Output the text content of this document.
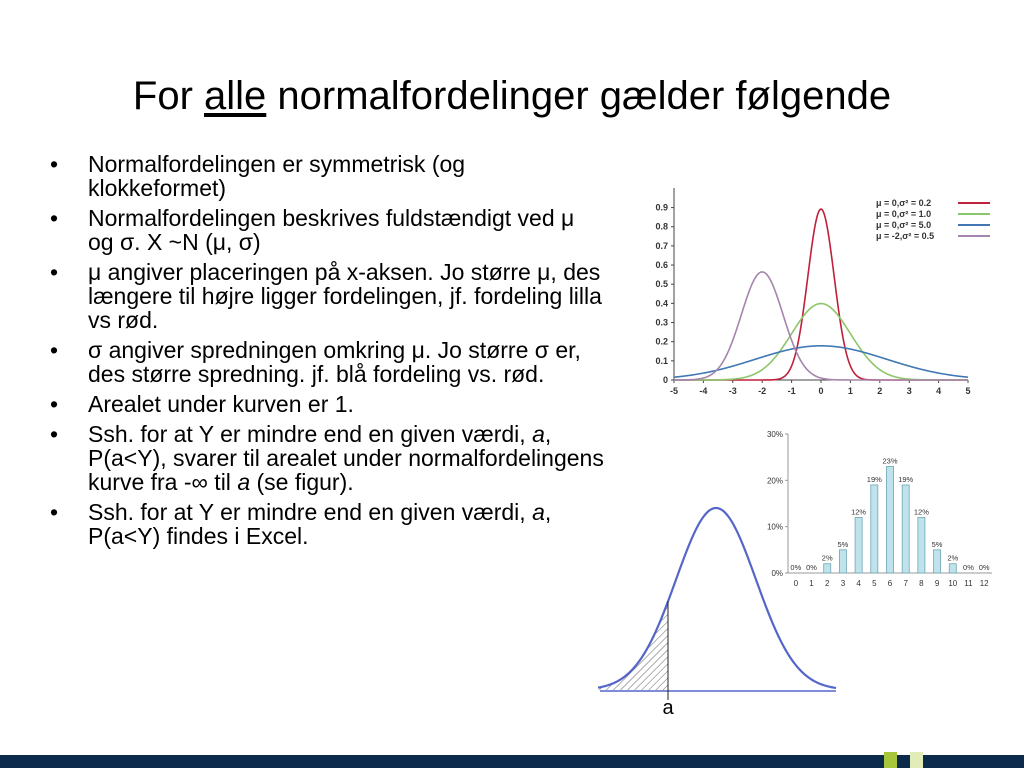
For alle normalfordelinger gælder følgende
• Normalfordelingen er symmetrisk (og klokkeformet)
• Normalfordelingen beskrives fuldstændigt ved μ og σ. X ~N (μ, σ)
• μ angiver placeringen på x-aksen. Jo større μ, des længere til højre ligger fordelingen, jf. fordeling lilla vs rød.
• σ angiver spredningen omkring μ. Jo større σ er, des større spredning. jf. blå fordeling vs. rød.
• Arealet under kurven er 1.
• Ssh. for at Y er mindre end en given værdi, a, P(a<Y), svarer til arealet under normalfordelingens kurve fra -∞ til a (se figur).
• Ssh. for at Y er mindre end en given værdi, a, P(a<Y) findes i Excel.
0
0.1
0.2
0.3
0.4
0.5
0.6
0.7
0.8
0.9
-5 -4 -3 -2 -1	0	1	2	3	4	5
μ = 0,σ² = 0.2
μ = 0,σ² = 1.0
μ = 0,σ² = 5.0
μ = -2,σ² = 0.5
0%
10%
20%
30%
0%
0
0%
1
2%
2
5%
3
12%
4
19%
5
23%
6
19%
7
12%
8
5%
9
2%
10
0%
11
0%
12
a
